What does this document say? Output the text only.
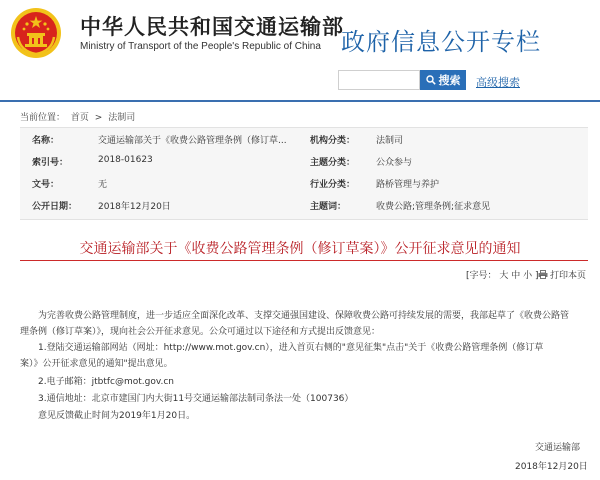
中华人民共和国交通运输部
Ministry of Transport of the People's Republic of China 政府信息公开专栏
搜索 高级搜索
当前位置： 首页 > 法制司
名称：	交通运输部关于《收费公路管理条例（修订草...	机构分类： 法制司
索引号：	2018-01623	主题分类： 公众参与
文号：	无	行业分类： 路桥管理与养护
公开日期： 2018年12月20日	主题词：	收费公路;管理条例;征求意见
交通运输部关于《收费公路管理条例（修订草案）》公开征求意见的通知
[字号： 大 中 小 ] 打印本页
为完善收费公路管理制度，进一步适应全面深化改革、支撑交通强国建设、保障收费公路可持续发展的需要，我部起草了《收费公路管
理条例（修订草案）》，现向社会公开征求意见。公众可通过以下途径和方式提出反馈意见：
1.登陆交通运输部网站（网址：http://www.mot.gov.cn），进入首页右侧的"意见征集"点击"关于《收费公路管理条例（修订草
案）》公开征求意见的通知"提出意见。
2.电子邮箱：jtbtfc@mot.gov.cn
3.通信地址：北京市建国门内大街11号交通运输部法制司条法一处（100736）
意见反馈截止时间为2019年1月20日。
交通运输部
2018年12月20日
